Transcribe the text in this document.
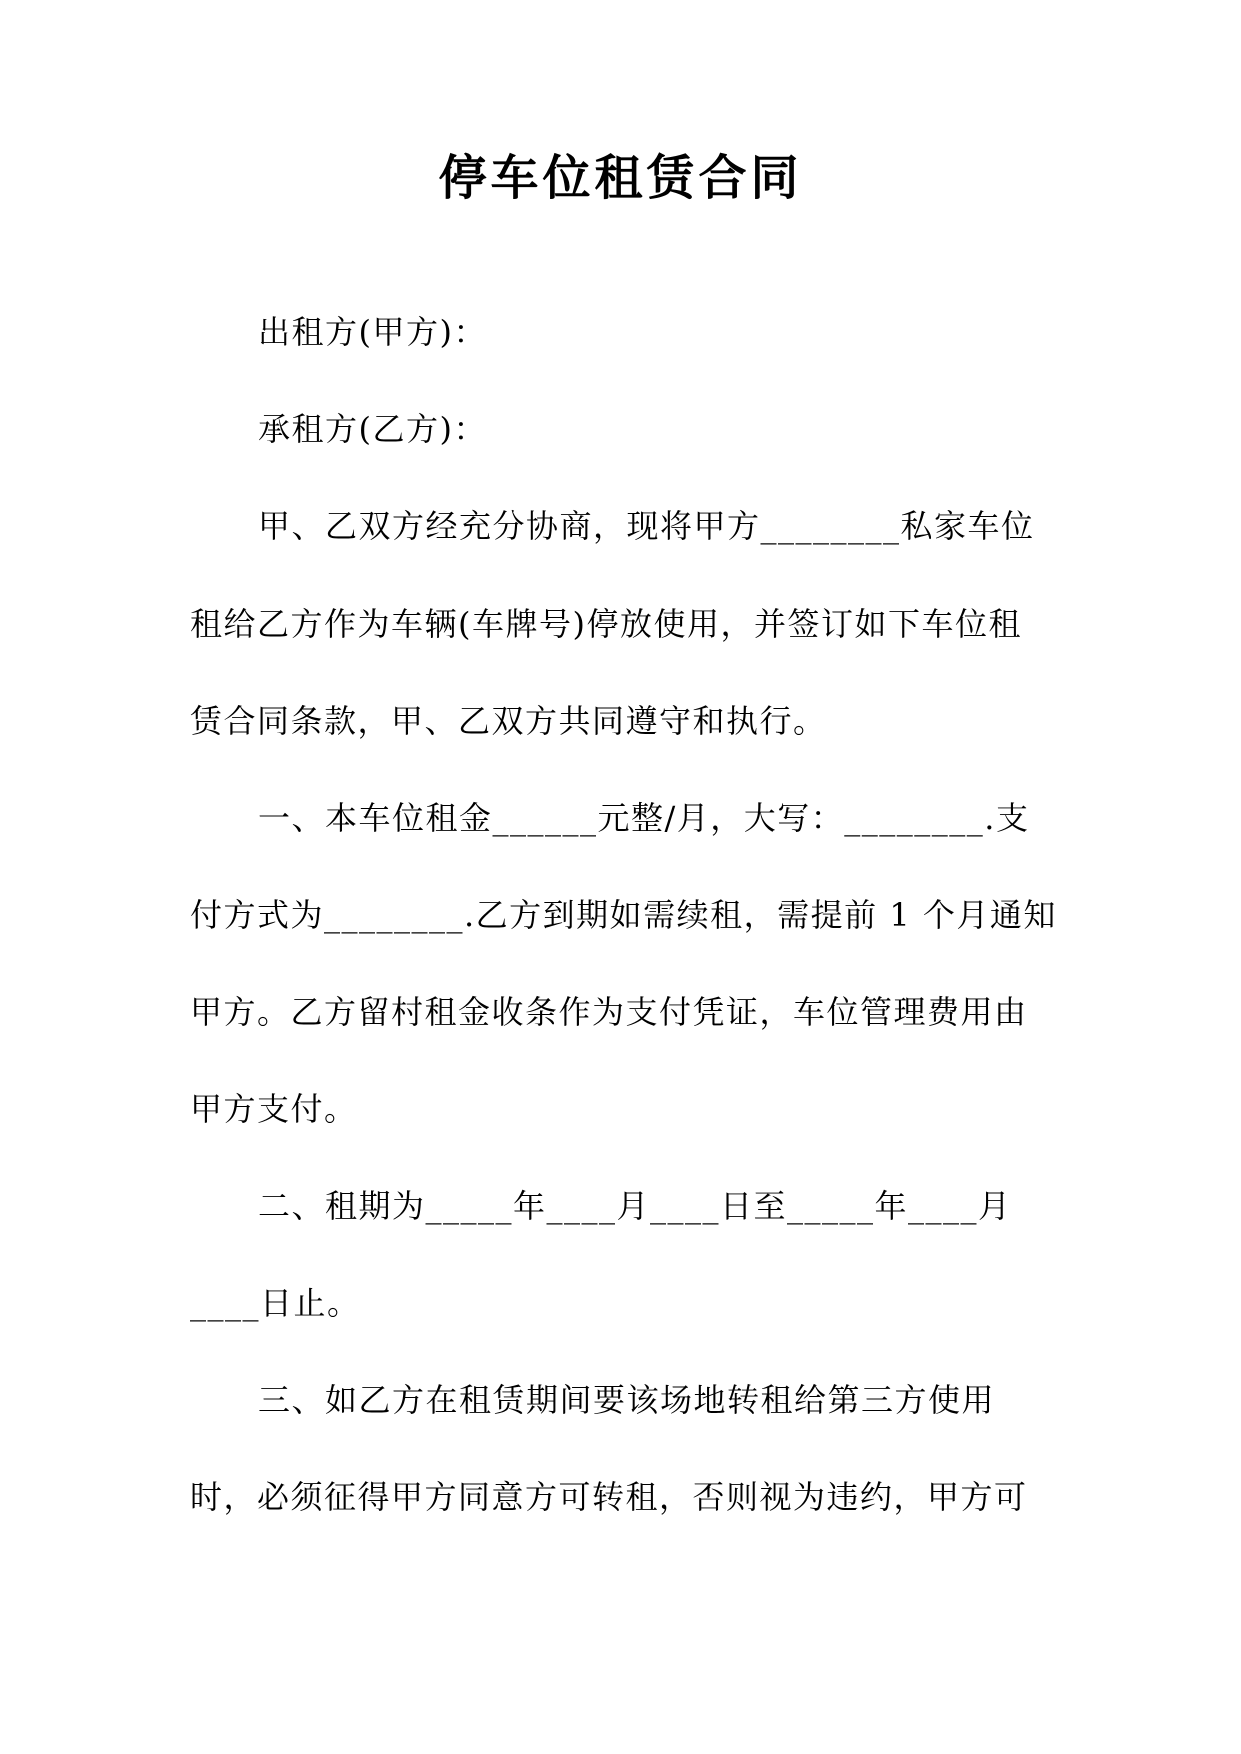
停车位租赁合同
出租方(甲方)：
承租方(乙方)：
甲、乙双方经充分协商，现将甲方________私家车位
租给乙方作为车辆(车牌号)停放使用，并签订如下车位租
赁合同条款，甲、乙双方共同遵守和执行。
一、本车位租金______元整/月，大写：________.支
付方式为________.乙方到期如需续租，需提前 1 个月通知
甲方。乙方留村租金收条作为支付凭证，车位管理费用由
甲方支付。
二、租期为_____年____月____日至_____年____月
____日止。
三、如乙方在租赁期间要该场地转租给第三方使用
时，必须征得甲方同意方可转租，否则视为违约，甲方可
